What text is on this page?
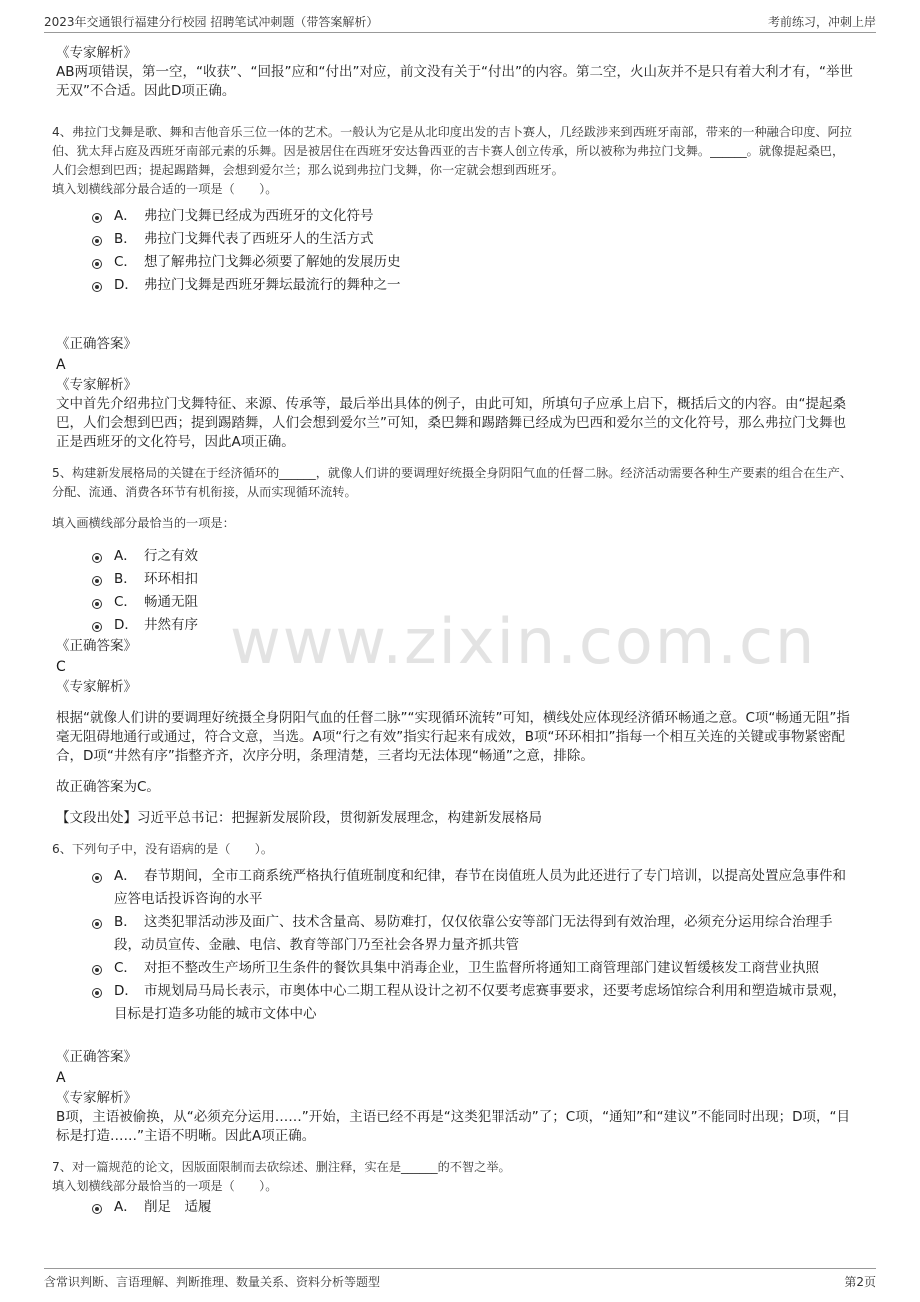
2023年交通银行福建分行校园 招聘笔试冲刺题（带答案解析）	考前练习，冲刺上岸
www.zixin.com.cn
《专家解析》
AB两项错误，第一空，“收获”、“回报”应和“付出”对应，前文没有关于“付出”的内容。第二空，火山灰并不是只有着大利才有，“举世无双”不合适。因此D项正确。
4、弗拉门戈舞是歌、舞和吉他音乐三位一体的艺术。一般认为它是从北印度出发的吉卜赛人，几经跋涉来到西班牙南部，带来的一种融合印度、阿拉伯、犹太拜占庭及西班牙南部元素的乐舞。因是被居住在西班牙安达鲁西亚的吉卡赛人创立传承，所以被称为弗拉门戈舞。______。就像提起桑巴，人们会想到巴西；提起踢踏舞，会想到爱尔兰；那么说到弗拉门戈舞，你一定就会想到西班牙。
填入划横线部分最合适的一项是（　　）。
A． 弗拉门戈舞已经成为西班牙的文化符号
B． 弗拉门戈舞代表了西班牙人的生活方式
C． 想了解弗拉门戈舞必须要了解她的发展历史
D． 弗拉门戈舞是西班牙舞坛最流行的舞种之一
《正确答案》
A
《专家解析》
文中首先介绍弗拉门戈舞特征、来源、传承等，最后举出具体的例子，由此可知，所填句子应承上启下，概括后文的内容。由“提起桑巴，人们会想到巴西；提到踢踏舞，人们会想到爱尔兰”可知，桑巴舞和踢踏舞已经成为巴西和爱尔兰的文化符号，那么弗拉门戈舞也正是西班牙的文化符号，因此A项正确。
5、构建新发展格局的关键在于经济循环的______，就像人们讲的要调理好统摄全身阴阳气血的任督二脉。经济活动需要各种生产要素的组合在生产、分配、流通、消费各环节有机衔接，从而实现循环流转。
填入画横线部分最恰当的一项是：
A． 行之有效
B． 环环相扣
C． 畅通无阻
D． 井然有序
《正确答案》
C
《专家解析》
根据“就像人们讲的要调理好统摄全身阴阳气血的任督二脉”“实现循环流转”可知，横线处应体现经济循环畅通之意。C项“畅通无阻”指毫无阻碍地通行或通过，符合文意，当选。A项“行之有效”指实行起来有成效，B项“环环相扣”指每一个相互关连的关键或事物紧密配合，D项“井然有序”指整齐齐，次序分明，条理清楚，三者均无法体现“畅通”之意，排除。
故正确答案为C。
【文段出处】习近平总书记：把握新发展阶段，贯彻新发展理念，构建新发展格局
6、下列句子中，没有语病的是（　　）。
A． 春节期间，全市工商系统严格执行值班制度和纪律，春节在岗值班人员为此还进行了专门培训，以提高处置应急事件和应答电话投诉咨询的水平
B． 这类犯罪活动涉及面广、技术含量高、易防难打，仅仅依靠公安等部门无法得到有效治理，必须充分运用综合治理手段，动员宣传、金融、电信、教育等部门乃至社会各界力量齐抓共管
C． 对拒不整改生产场所卫生条件的餐饮具集中消毒企业，卫生监督所将通知工商管理部门建议暂缓核发工商营业执照
D． 市规划局马局长表示，市奥体中心二期工程从设计之初不仅要考虑赛事要求，还要考虑场馆综合利用和塑造城市景观，目标是打造多功能的城市文体中心
《正确答案》
A
《专家解析》
B项，主语被偷换，从“必须充分运用……”开始，主语已经不再是“这类犯罪活动”了；C项，“通知”和“建议”不能同时出现；D项，“目标是打造……”主语不明晰。因此A项正确。
7、对一篇规范的论文，因版面限制而去砍综述、删注释，实在是______的不智之举。
填入划横线部分最恰当的一项是（　　）。
A． 削足　适履
含常识判断、言语理解、判断推理、数量关系、资料分析等题型	第2页
